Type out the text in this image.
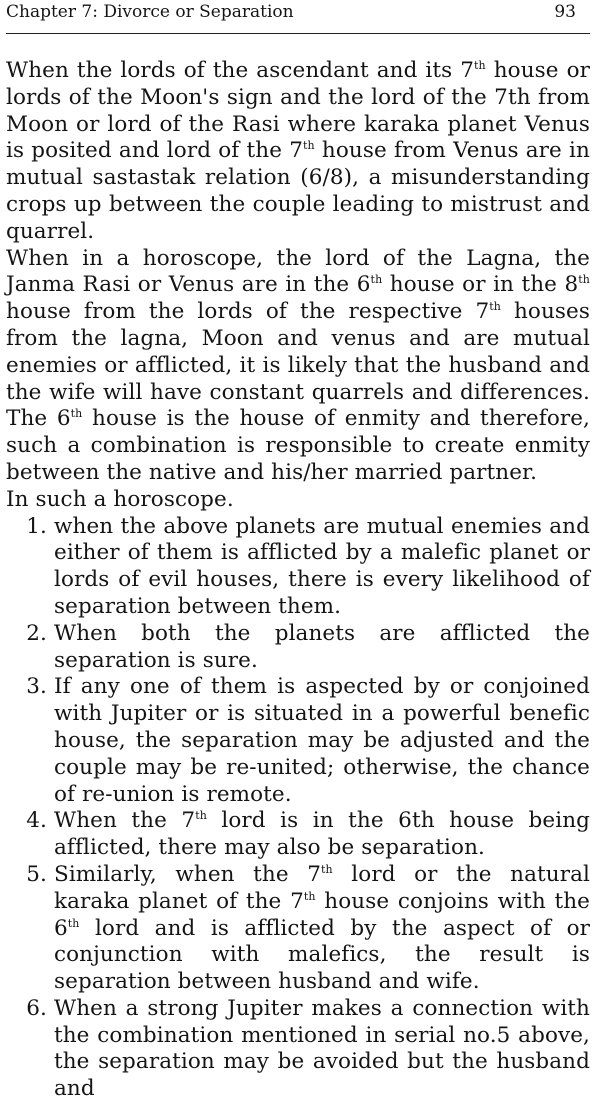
Chapter 7: Divorce or Separation	93

When the lords of the ascendant and its 7th house or lords of the Moon's sign and the lord of the 7th from Moon or lord of the Rasi where karaka planet Venus is posited and lord of the 7th house from Venus are in mutual sastastak relation (6/8), a misunderstanding crops up between the couple leading to mistrust and quarrel.

When in a horoscope, the lord of the Lagna, the Janma Rasi or Venus are in the 6th house or in the 8th house from the lords of the respective 7th houses from the lagna, Moon and venus and are mutual enemies or afflicted, it is likely that the husband and the wife will have constant quarrels and differences. The 6th house is the house of enmity and therefore, such a combination is responsible to create enmity between the native and his/her married partner.

In such a horoscope.

1. when the above planets are mutual enemies and either of them is afflicted by a malefic planet or lords of evil houses, there is every likelihood of separation between them.
2. When both the planets are afflicted the separation is sure.
3. If any one of them is aspected by or conjoined with Jupiter or is situated in a powerful benefic house, the separation may be adjusted and the couple may be re-united; otherwise, the chance of re-union is remote.
4. When the 7th lord is in the 6th house being afflicted, there may also be separation.
5. Similarly, when the 7th lord or the natural karaka planet of the 7th house conjoins with the 6th lord and is afflicted by the aspect of or conjunction with malefics, the result is separation between husband and wife.
6. When a strong Jupiter makes a connection with the combination mentioned in serial no.5 above, the separation may be avoided but the husband and
